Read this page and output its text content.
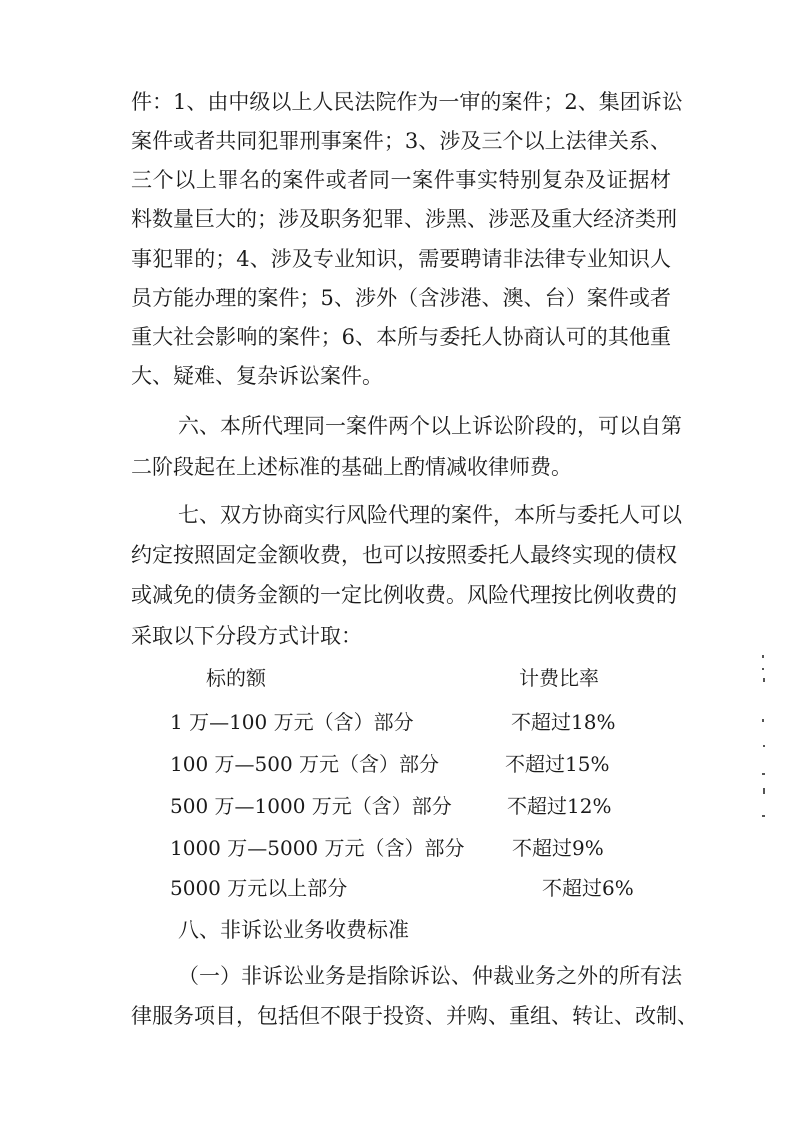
件：1、由中级以上人民法院作为一审的案件；2、集团诉讼
案件或者共同犯罪刑事案件；3、涉及三个以上法律关系、
三个以上罪名的案件或者同一案件事实特别复杂及证据材
料数量巨大的；涉及职务犯罪、涉黑、涉恶及重大经济类刑
事犯罪的；4、涉及专业知识，需要聘请非法律专业知识人
员方能办理的案件；5、涉外（含涉港、澳、台）案件或者
重大社会影响的案件；6、本所与委托人协商认可的其他重
大、疑难、复杂诉讼案件。
六、本所代理同一案件两个以上诉讼阶段的，可以自第
二阶段起在上述标准的基础上酌情减收律师费。
七、双方协商实行风险代理的案件，本所与委托人可以
约定按照固定金额收费，也可以按照委托人最终实现的债权
或减免的债务金额的一定比例收费。风险代理按比例收费的
采取以下分段方式计取：
标的额	计费比率
1 万—100 万元（含）部分	不超过18%
100 万—500 万元（含）部分	不超过15%
500 万—1000 万元（含）部分	不超过12%
1000 万—5000 万元（含）部分 不超过9%
5000 万元以上部分	不超过6%
八、非诉讼业务收费标准
（一）非诉讼业务是指除诉讼、仲裁业务之外的所有法
律服务项目，包括但不限于投资、并购、重组、转让、改制、
